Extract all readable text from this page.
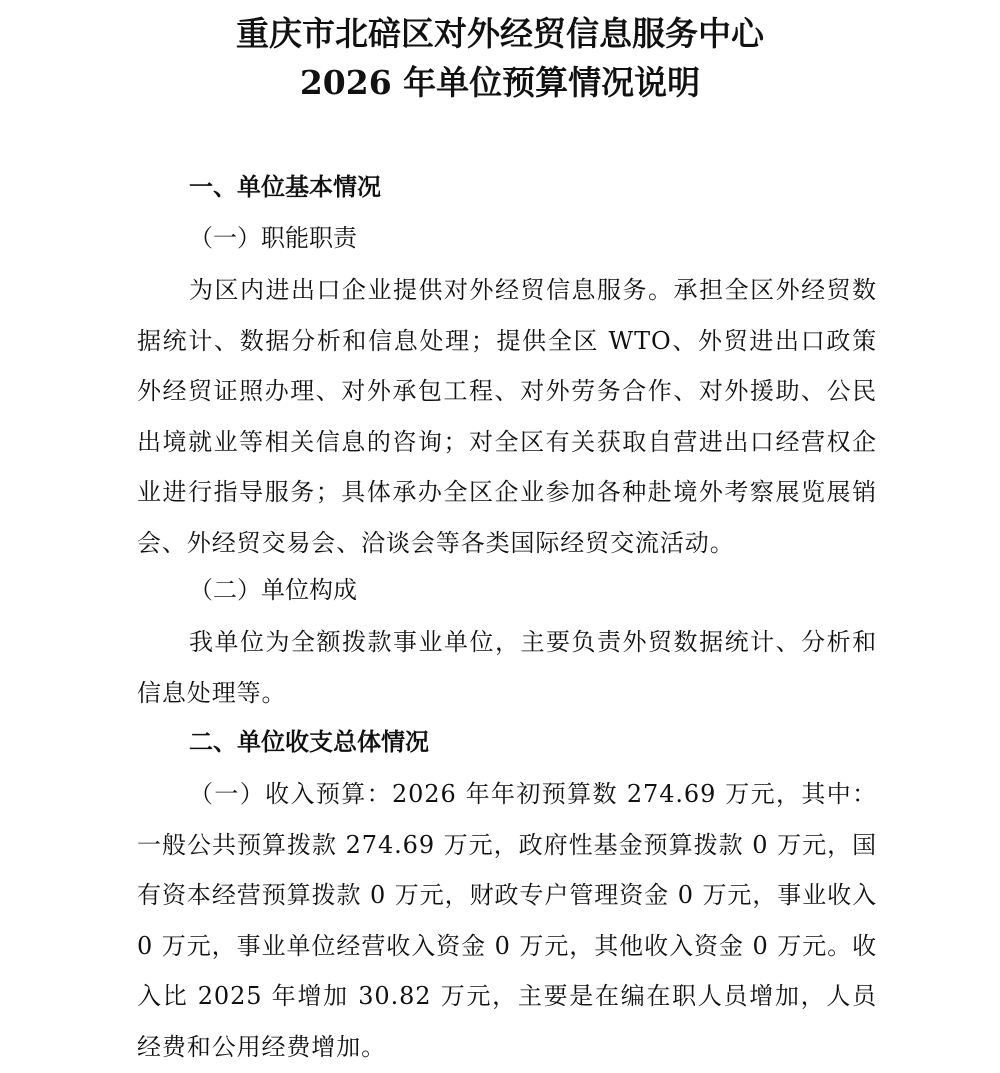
重庆市北碚区对外经贸信息服务中心
2026 年单位预算情况说明
一、单位基本情况
（一）职能职责

为区内进出口企业提供对外经贸信息服务。承担全区外经贸数据统计、数据分析和信息处理；提供全区 WTO、外贸进出口政策外经贸证照办理、对外承包工程、对外劳务合作、对外援助、公民出境就业等相关信息的咨询；对全区有关获取自营进出口经营权企业进行指导服务；具体承办全区企业参加各种赴境外考察展览展销会、外经贸交易会、洽谈会等各类国际经贸交流活动。

（二）单位构成

我单位为全额拨款事业单位，主要负责外贸数据统计、分析和信息处理等。

二、单位收支总体情况

（一）收入预算：2026 年年初预算数 274.69 万元，其中：一般公共预算拨款 274.69 万元，政府性基金预算拨款 0 万元，国有资本经营预算拨款 0 万元，财政专户管理资金 0 万元，事业收入 0 万元，事业单位经营收入资金 0 万元，其他收入资金 0 万元。收入比 2025 年增加 30.82 万元，主要是在编在职人员增加，人员经费和公用经费增加。
